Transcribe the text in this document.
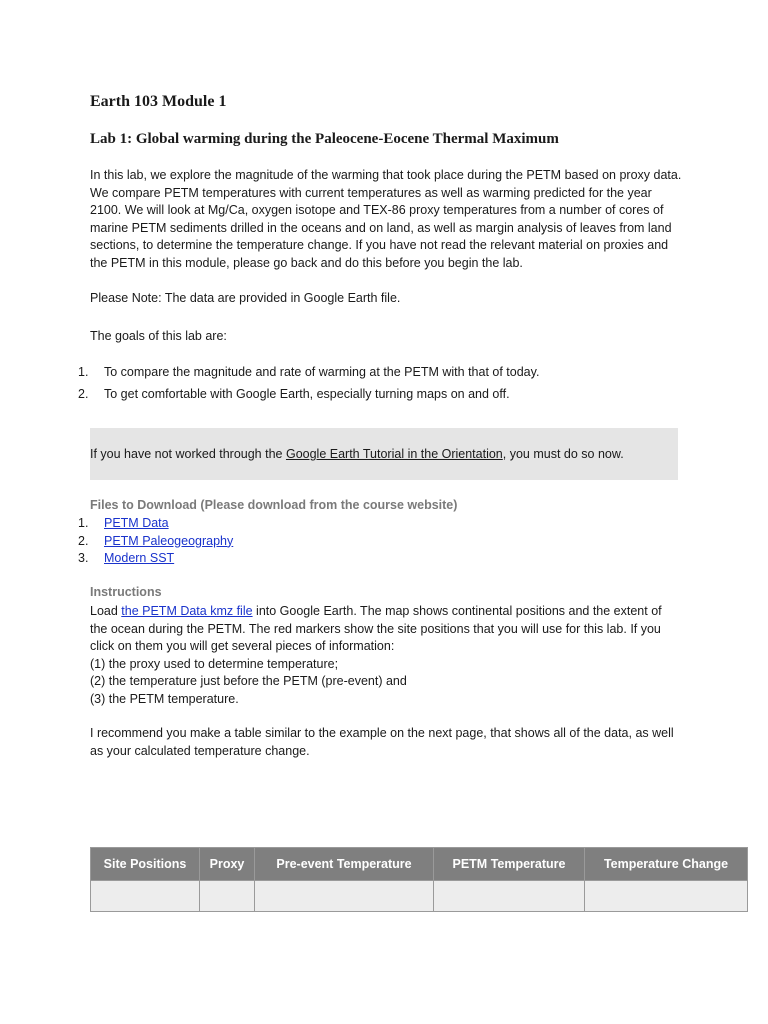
Earth 103 Module 1
Lab 1: Global warming during the Paleocene-Eocene Thermal Maximum

In this lab, we explore the magnitude of the warming that took place during the PETM based on proxy data. We compare PETM temperatures with current temperatures as well as warming predicted for the year 2100. We will look at Mg/Ca, oxygen isotope and TEX-86 proxy temperatures from a number of cores of marine PETM sediments drilled in the oceans and on land, as well as margin analysis of leaves from land sections, to determine the temperature change. If you have not read the relevant material on proxies and the PETM in this module, please go back and do this before you begin the lab.

Please Note: The data are provided in Google Earth file.

The goals of this lab are:

1. To compare the magnitude and rate of warming at the PETM with that of today.
2. To get comfortable with Google Earth, especially turning maps on and off.
If you have not worked through the Google Earth Tutorial in the Orientation, you must do so now.
Files to Download (Please download from the course website)
1. PETM Data
2. PETM Paleogeography
3. Modern SST
Instructions
Load the PETM Data kmz file into Google Earth. The map shows continental positions and the extent of the ocean during the PETM. The red markers show the site positions that you will use for this lab. If you click on them you will get several pieces of information:
(1) the proxy used to determine temperature;
(2) the temperature just before the PETM (pre-event) and
(3) the PETM temperature.

I recommend you make a table similar to the example on the next page, that shows all of the data, as well as your calculated temperature change.

Site Positions	Proxy	Pre-event Temperature	PETM Temperature	Temperature Change
